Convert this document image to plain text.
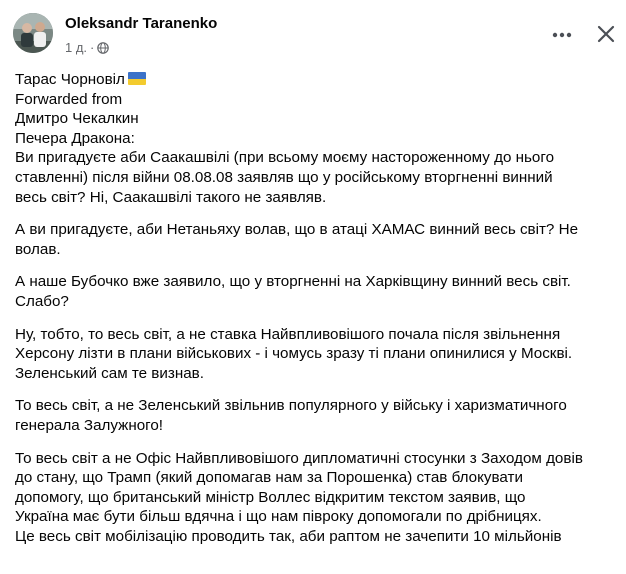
Oleksandr Taranenko
1 д. ·
Тарас Чорновіл
Forwarded from
Дмитро Чекалкин
Печера Дракона:
Ви пригадуєте аби Саакашвілі (при всьому моєму настороженному до нього
ставленні) після війни 08.08.08 заявляв що у російському вторгненні винний
весь світ? Ні, Саакашвілі такого не заявляв.
А ви пригадуєте, аби Нетаньяху волав, що в атаці ХАМАС винний весь світ? Не
волав.
А наше Бубочко вже заявило, що у вторгненні на Харківщину винний весь світ.
Слабо?
Ну, тобто, то весь світ, а не ставка Найвпливовішого почала після звільнення
Херсону лізти в плани військових - і чомусь зразу ті плани опинилися у Москві.
Зеленський сам те визнав.
То весь світ, а не Зеленський звільнив популярного у війську і харизматичного
генерала Залужного!
То весь світ а не Офіс Найвпливовішого дипломатичні стосунки з Заходом довів
до стану, що Трамп (який допомагав нам за Порошенка) став блокувати
допомогу, що британський міністр Воллес відкритим текстом заявив, що
Україна має бути більш вдячна і що нам півроку допомогали по дрібницях.
Це весь світ мобілізацію проводить так, аби раптом не зачепити 10 мільйонів
